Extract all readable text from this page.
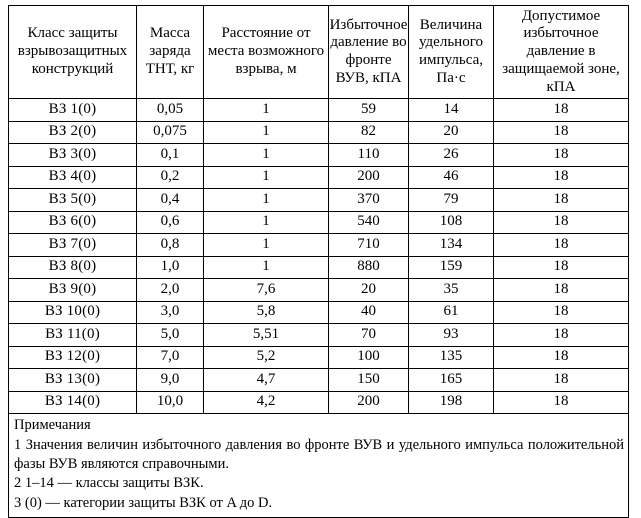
Класс защиты взрывозащитных конструкций	Масса заряда ТНТ, кг	Расстояние от места возможного взрыва, м	Избыточное давление во фронте ВУВ, кПА	Величина удельного импульса, Па·с	Допустимое избыточное давление в защищаемой зоне, кПА
ВЗ 1(0)	0,05	1	59	14	18
ВЗ 2(0)	0,075	1	82	20	18
ВЗ 3(0)	0,1	1	110	26	18
ВЗ 4(0)	0,2	1	200	46	18
ВЗ 5(0)	0,4	1	370	79	18
ВЗ 6(0)	0,6	1	540	108	18
ВЗ 7(0)	0,8	1	710	134	18
ВЗ 8(0)	1,0	1	880	159	18
ВЗ 9(0)	2,0	7,6	20	35	18
ВЗ 10(0)	3,0	5,8	40	61	18
ВЗ 11(0)	5,0	5,51	70	93	18
ВЗ 12(0)	7,0	5,2	100	135	18
ВЗ 13(0)	9,0	4,7	150	165	18
ВЗ 14(0)	10,0	4,2	200	198	18

Примечания
1 Значения величин избыточного давления во фронте ВУВ и удельного импульса положительной фазы ВУВ являются справочными.
2 1–14 — классы защиты ВЗК.
3 (0) — категории защиты ВЗК от A до D.					
